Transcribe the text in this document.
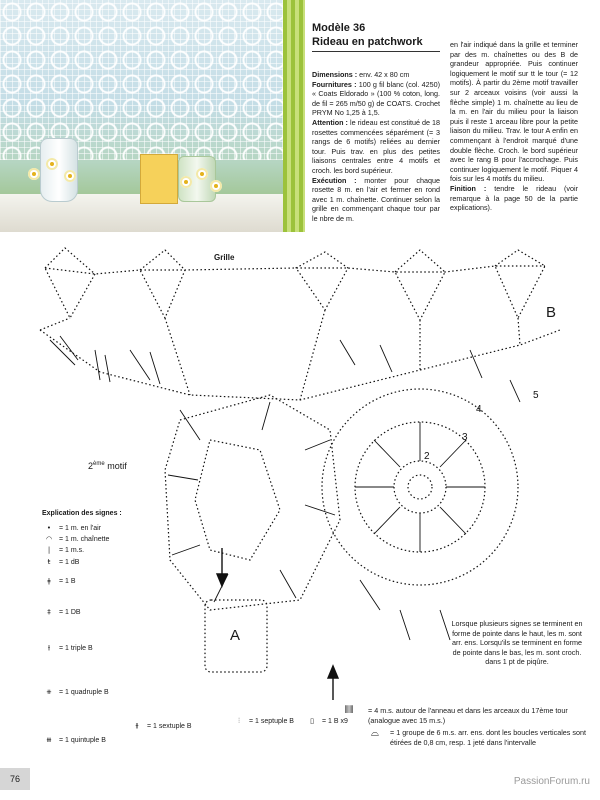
Modèle 36

Rideau en patchwork

Dimensions : env. 42 x 80 cm

Fournitures : 100 g fil blanc (col. 4250) « Coats Eldorado » (100 % coton, long. de fil = 265 m/50 g) de COATS. Crochet PRYM No 1,25 à 1,5.

Attention : le rideau est constitué de 18 rosettes commencées séparément (= 3 rangs de 6 motifs) reliées au dernier tour. Puis trav. en plus des petites liaisons centrales entre 4 motifs et croch. les bord supérieur.

Exécution : monter pour chaque rosette 8 m. en l'air et fermer en rond avec 1 m. chaînette. Continuer selon la grille en commençant chaque tour par le nbre de m.

en l'air indiqué dans la grille et terminer par des m. chaînettes ou des B de grandeur appropriée. Puis continuer logiquement le motif sur tt le tour (= 12 motifs). À partir du 2ème motif travailler sur 2 arceaux voisins (voir aussi la flèche simple) 1 m. chaînette au lieu de la m. en l'air du milieu pour la liaison puis il reste 1 arceau libre pour la petite liaison du milieu. Trav. le tour A enfin en commençant à l'endroit marqué d'une double flèche. Croch. le bord supérieur avec le rang B pour l'accrochage. Puis continuer logiquement le motif. Piquer 4 fois sur les 4 motifs du milieu.

Finition : tendre le rideau (voir remarque à la page 50 de la partie explications).

2
3
4
5
Grille
B
A
2ème motif
Explication des signes :
•	= 1 m. en l'air
◠ = 1 m. chaînette
|	= 1 m.s.
ŧ	= 1 dB
ǂ	= 1 B
‡	= 1 DB
⫲	= 1 triple B
⧺	= 1 quadruple B
⧻	= 1 quintuple B
⫵	= 1 sextuple B
⫶	= 1 septuple B	▯	= 1 B x9

Lorsque plusieurs signes se terminent en forme de pointe dans le haut, les m. sont arr. ens. Lorsqu'ils se terminent en forme de pointe dans le bas, les m. sont croch. dans 1 pt de piqûre.

⦀⦀	= 4 m.s. autour de l'anneau et dans les arceaux du 17ème tour (analogue avec 15 m.s.)
⌓	= 1 groupe de 6 m.s. arr. ens. dont les boucles verticales sont étirées de 0,8 cm, resp. 1 jeté dans l'intervalle
76	PassionForum.ru
